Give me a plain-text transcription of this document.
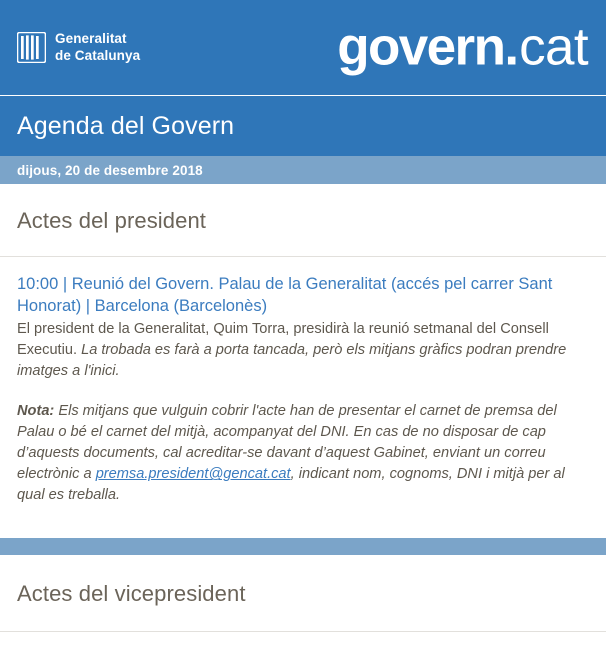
Generalitat
de Catalunya	govern.cat
Agenda del Govern
dijous, 20 de desembre 2018
Actes del president

10:00 | Reunió del Govern. Palau de la Generalitat (accés pel carrer Sant Honorat) | Barcelona (Barcelonès)

El president de la Generalitat, Quim Torra, presidirà la reunió setmanal del Consell Executiu. La trobada es farà a porta tancada, però els mitjans gràfics podran prendre imatges a l'inici.

Nota: Els mitjans que vulguin cobrir l'acte han de presentar el carnet de premsa del Palau o bé el carnet del mitjà, acompanyat del DNI. En cas de no disposar de cap d’aquests documents, cal acreditar-se davant d’aquest Gabinet, enviant un correu electrònic a premsa.president@gencat.cat, indicant nom, cognoms, DNI i mitjà per al qual es treballa.

Actes del vicepresident
